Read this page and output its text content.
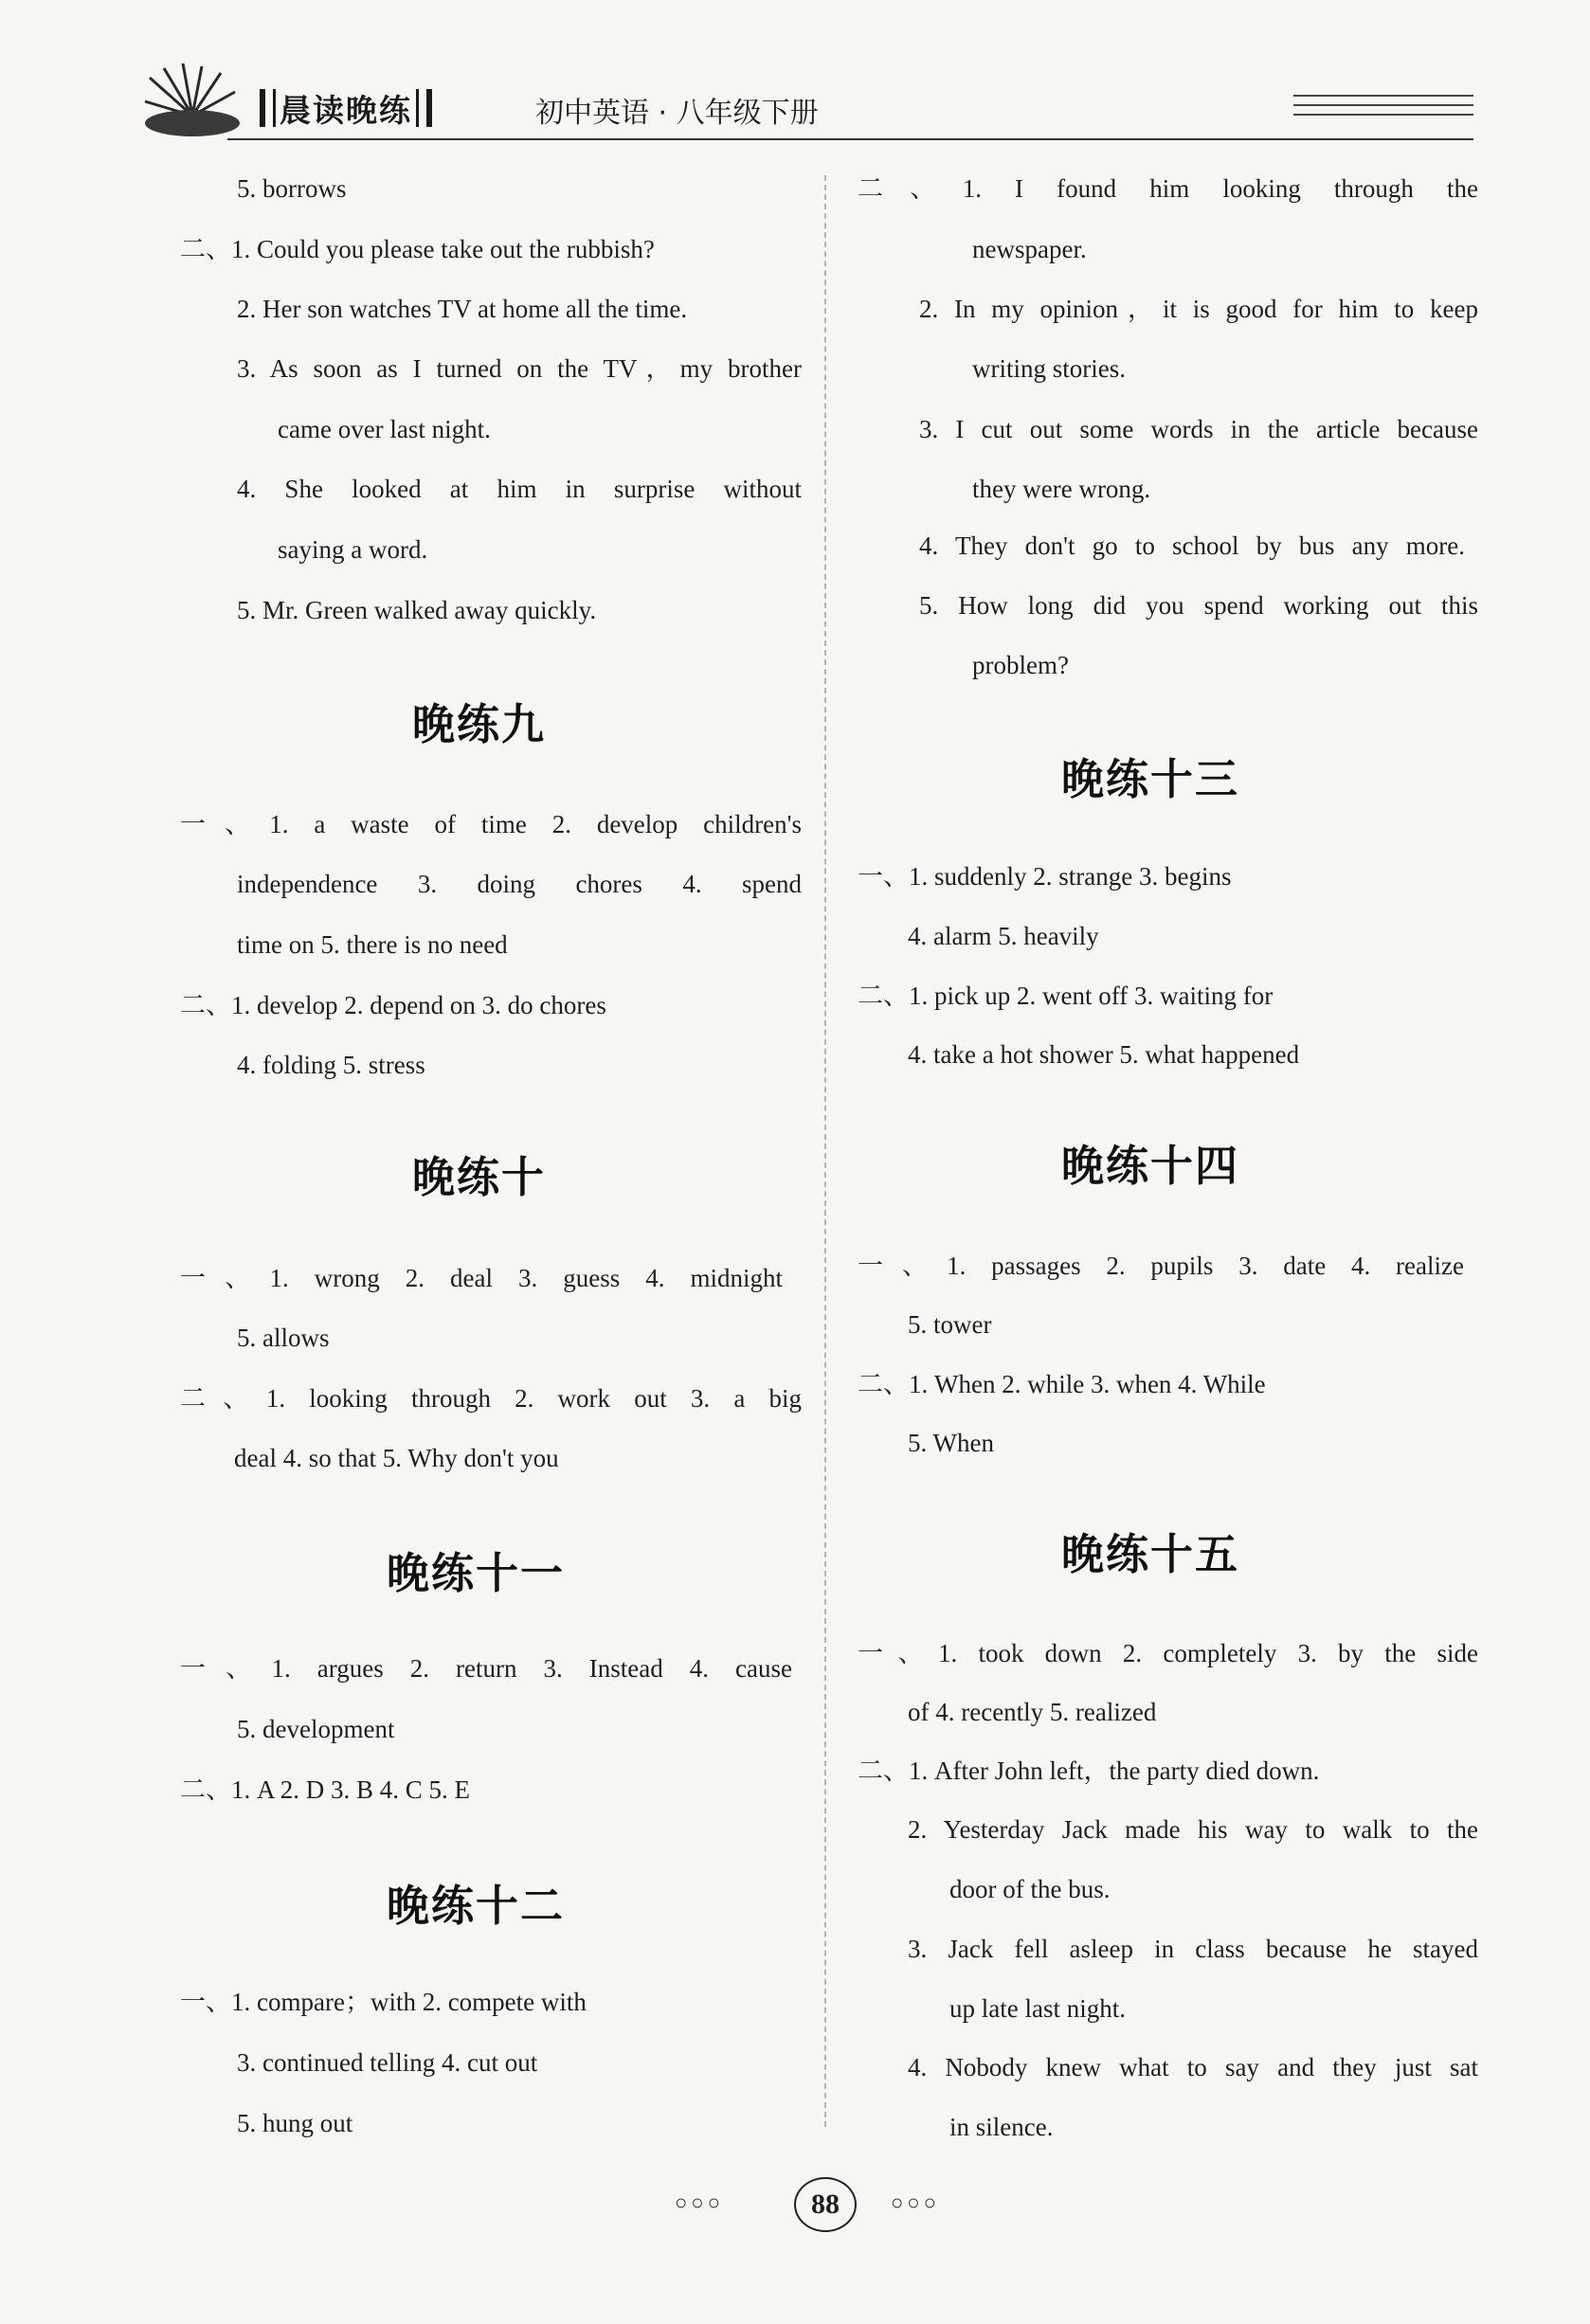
晨读晚练	初中英语 · 八年级下册
5. borrows
二、1. Could you please take out the rubbish?
2. Her son watches TV at home all the time.
3. As soon as I turned on the TV，my brother
came over last night.
4. She looked at him in surprise without
saying a word.
5. Mr. Green walked away quickly.
晚练九
一、1. a waste of time 2. develop children's
independence 3. doing chores 4. spend
time on 5. there is no need
二、1. develop 2. depend on 3. do chores
4. folding 5. stress
晚练十
一、1. wrong 2. deal 3. guess 4. midnight
5. allows
二、1. looking through 2. work out 3. a big
deal 4. so that 5. Why don't you
晚练十一
一、1. argues 2. return 3. Instead 4. cause
5. development
二、1. A 2. D 3. B 4. C 5. E
晚练十二
一、1. compare；with 2. compete with
3. continued telling 4. cut out
5. hung out
二、1. I found him looking through the
newspaper.
2. In my opinion，it is good for him to keep
writing stories.
3. I cut out some words in the article because
they were wrong.
4. They don't go to school by bus any more.
5. How long did you spend working out this
problem?
晚练十三
一、1. suddenly 2. strange 3. begins
4. alarm 5. heavily
二、1. pick up 2. went off 3. waiting for
4. take a hot shower 5. what happened
晚练十四
一、1. passages 2. pupils 3. date 4. realize
5. tower
二、1. When 2. while 3. when 4. While
5. When
晚练十五
一、1. took down 2. completely 3. by the side
of 4. recently 5. realized
二、1. After John left，the party died down.
2. Yesterday Jack made his way to walk to the
door of the bus.
3. Jack fell asleep in class because he stayed
up late last night.
4. Nobody knew what to say and they just sat
in silence.
○○○	88	○○○
